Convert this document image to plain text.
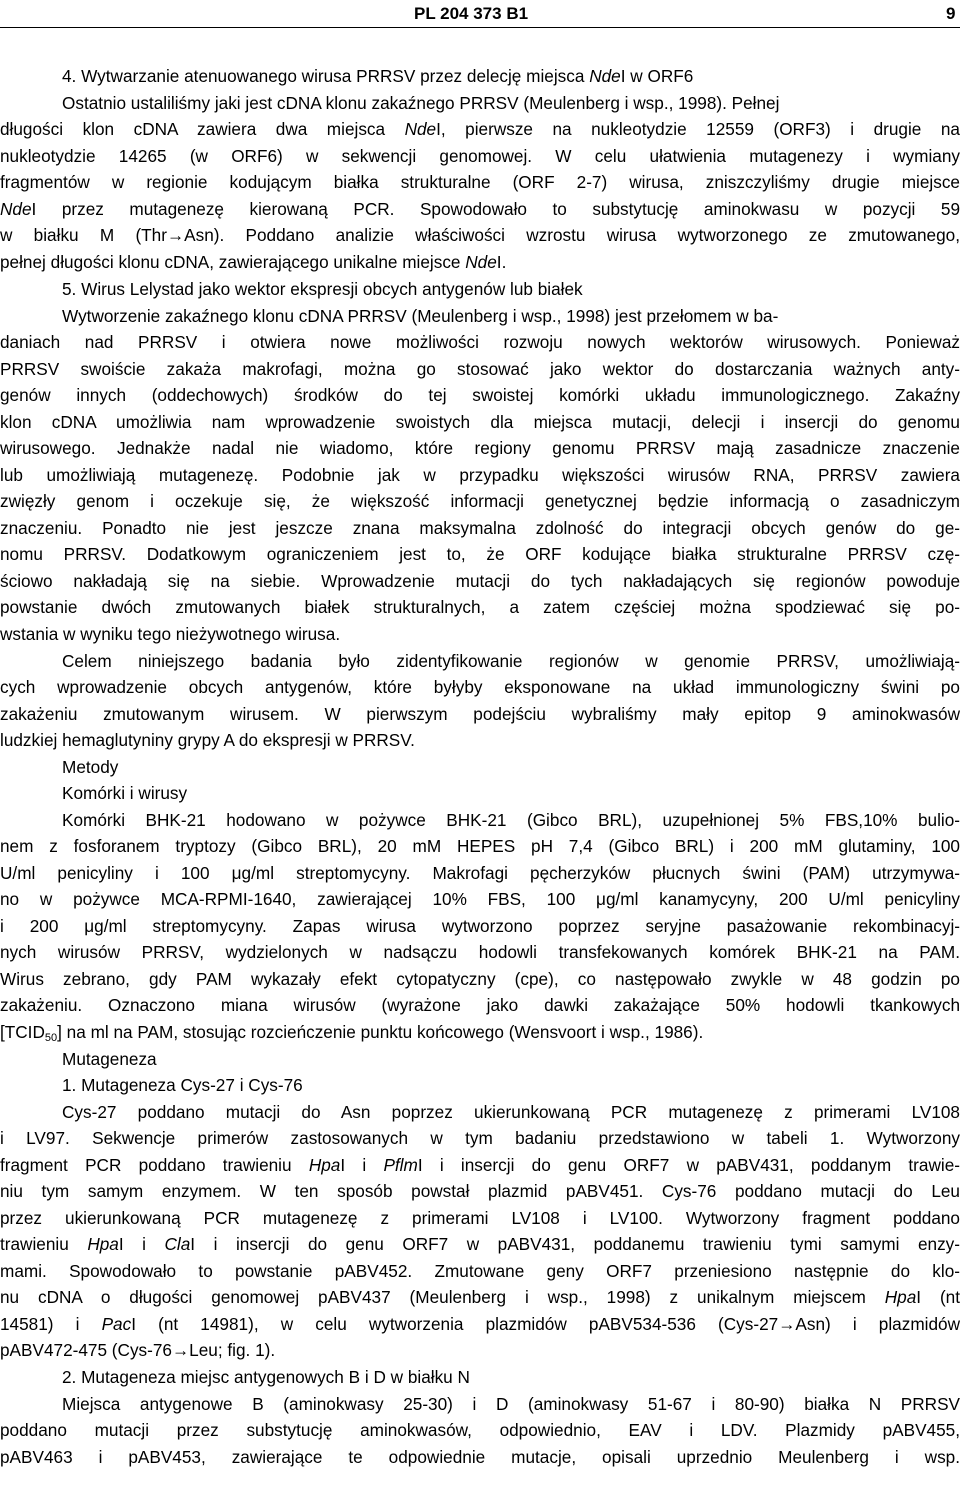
PL 204 373 B1	9
4. Wytwarzanie atenuowanego wirusa PRRSV przez delecję miejsca NdeI w ORF6
Ostatnio ustaliliśmy jaki jest cDNA klonu zakaźnego PRRSV (Meulenberg i wsp., 1998). Pełnej
długości klon cDNA zawiera dwa miejsca NdeI, pierwsze na nukleotydzie 12559 (ORF3) i drugie na
nukleotydzie 14265 (w ORF6) w sekwencji genomowej. W celu ułatwienia mutagenezy i wymiany
fragmentów w regionie kodującym białka strukturalne (ORF 2-7) wirusa, zniszczyliśmy drugie miejsce
NdeI przez mutagenezę kierowaną PCR. Spowodowało to substytucję aminokwasu w pozycji 59
w białku M (Thr→Asn). Poddano analizie właściwości wzrostu wirusa wytworzonego ze zmutowanego,
pełnej długości klonu cDNA, zawierającego unikalne miejsce NdeI.
5. Wirus Lelystad jako wektor ekspresji obcych antygenów lub białek
Wytworzenie zakaźnego klonu cDNA PRRSV (Meulenberg i wsp., 1998) jest przełomem w ba-
daniach nad PRRSV i otwiera nowe możliwości rozwoju nowych wektorów wirusowych. Ponieważ
PRRSV swoiście zakaża makrofagi, można go stosować jako wektor do dostarczania ważnych anty-
genów innych (oddechowych) środków do tej swoistej komórki układu immunologicznego. Zakaźny
klon cDNA umożliwia nam wprowadzenie swoistych dla miejsca mutacji, delecji i insercji do genomu
wirusowego. Jednakże nadal nie wiadomo, które regiony genomu PRRSV mają zasadnicze znaczenie
lub umożliwiają mutagenezę. Podobnie jak w przypadku większości wirusów RNA, PRRSV zawiera
zwięzły genom i oczekuje się, że większość informacji genetycznej będzie informacją o zasadniczym
znaczeniu. Ponadto nie jest jeszcze znana maksymalna zdolność do integracji obcych genów do ge-
nomu PRRSV. Dodatkowym ograniczeniem jest to, że ORF kodujące białka strukturalne PRRSV czę-
ściowo nakładają się na siebie. Wprowadzenie mutacji do tych nakładających się regionów powoduje
powstanie dwóch zmutowanych białek strukturalnych, a zatem częściej można spodziewać się po-
wstania w wyniku tego nieżywotnego wirusa.
Celem niniejszego badania było zidentyfikowanie regionów w genomie PRRSV, umożliwiają-
cych wprowadzenie obcych antygenów, które byłyby eksponowane na układ immunologiczny świni po
zakażeniu zmutowanym wirusem. W pierwszym podejściu wybraliśmy mały epitop 9 aminokwasów
ludzkiej hemaglutyniny grypy A do ekspresji w PRRSV.
Metody
Komórki i wirusy
Komórki BHK-21 hodowano w pożywce BHK-21 (Gibco BRL), uzupełnionej 5% FBS,10% bulio-
nem z fosforanem tryptozy (Gibco BRL), 20 mM HEPES pH 7,4 (Gibco BRL) i 200 mM glutaminy, 100
U/ml penicyliny i 100 μg/ml streptomycyny. Makrofagi pęcherzyków płucnych świni (PAM) utrzymywa-
no w pożywce MCA-RPMI-1640, zawierającej 10% FBS, 100 μg/ml kanamycyny, 200 U/ml penicyliny
i 200 μg/ml streptomycyny. Zapas wirusa wytworzono poprzez seryjne pasażowanie rekombinacyj-
nych wirusów PRRSV, wydzielonych w nadsączu hodowli transfekowanych komórek BHK-21 na PAM.
Wirus zebrano, gdy PAM wykazały efekt cytopatyczny (cpe), co następowało zwykle w 48 godzin po
zakażeniu. Oznaczono miana wirusów (wyrażone jako dawki zakażające 50% hodowli tkankowych
$[TCID_{50}]$ na ml na PAM, stosując rozcieńczenie punktu końcowego (Wensvoort i wsp., 1986).
Mutageneza
1. Mutageneza Cys-27 i Cys-76
Cys-27 poddano mutacji do Asn poprzez ukierunkowaną PCR mutagenezę z primerami LV108
i LV97. Sekwencje primerów zastosowanych w tym badaniu przedstawiono w tabeli 1. Wytworzony
fragment PCR poddano trawieniu HpaI i PflmI i insercji do genu ORF7 w pABV431, poddanym trawie-
niu tym samym enzymem. W ten sposób powstał plazmid pABV451. Cys-76 poddano mutacji do Leu
przez ukierunkowaną PCR mutagenezę z primerami LV108 i LV100. Wytworzony fragment poddano
trawieniu HpaI i ClaI i insercji do genu ORF7 w pABV431, poddanemu trawieniu tymi samymi enzy-
mami. Spowodowało to powstanie pABV452. Zmutowane geny ORF7 przeniesiono następnie do klo-
nu cDNA o długości genomowej pABV437 (Meulenberg i wsp., 1998) z unikalnym miejscem HpaI (nt
14581) i PacI (nt 14981), w celu wytworzenia plazmidów pABV534-536 (Cys-27→Asn) i plazmidów
pABV472-475 (Cys-76→Leu; fig. 1).
2. Mutageneza miejsc antygenowych B i D w białku N
Miejsca antygenowe B (aminokwasy 25-30) i D (aminokwasy 51-67 i 80-90) białka N PRRSV
poddano mutacji przez substytucję aminokwasów, odpowiednio, EAV i LDV. Plazmidy pABV455,
pABV463 i pABV453, zawierające te odpowiednie mutacje, opisali uprzednio Meulenberg i wsp.
